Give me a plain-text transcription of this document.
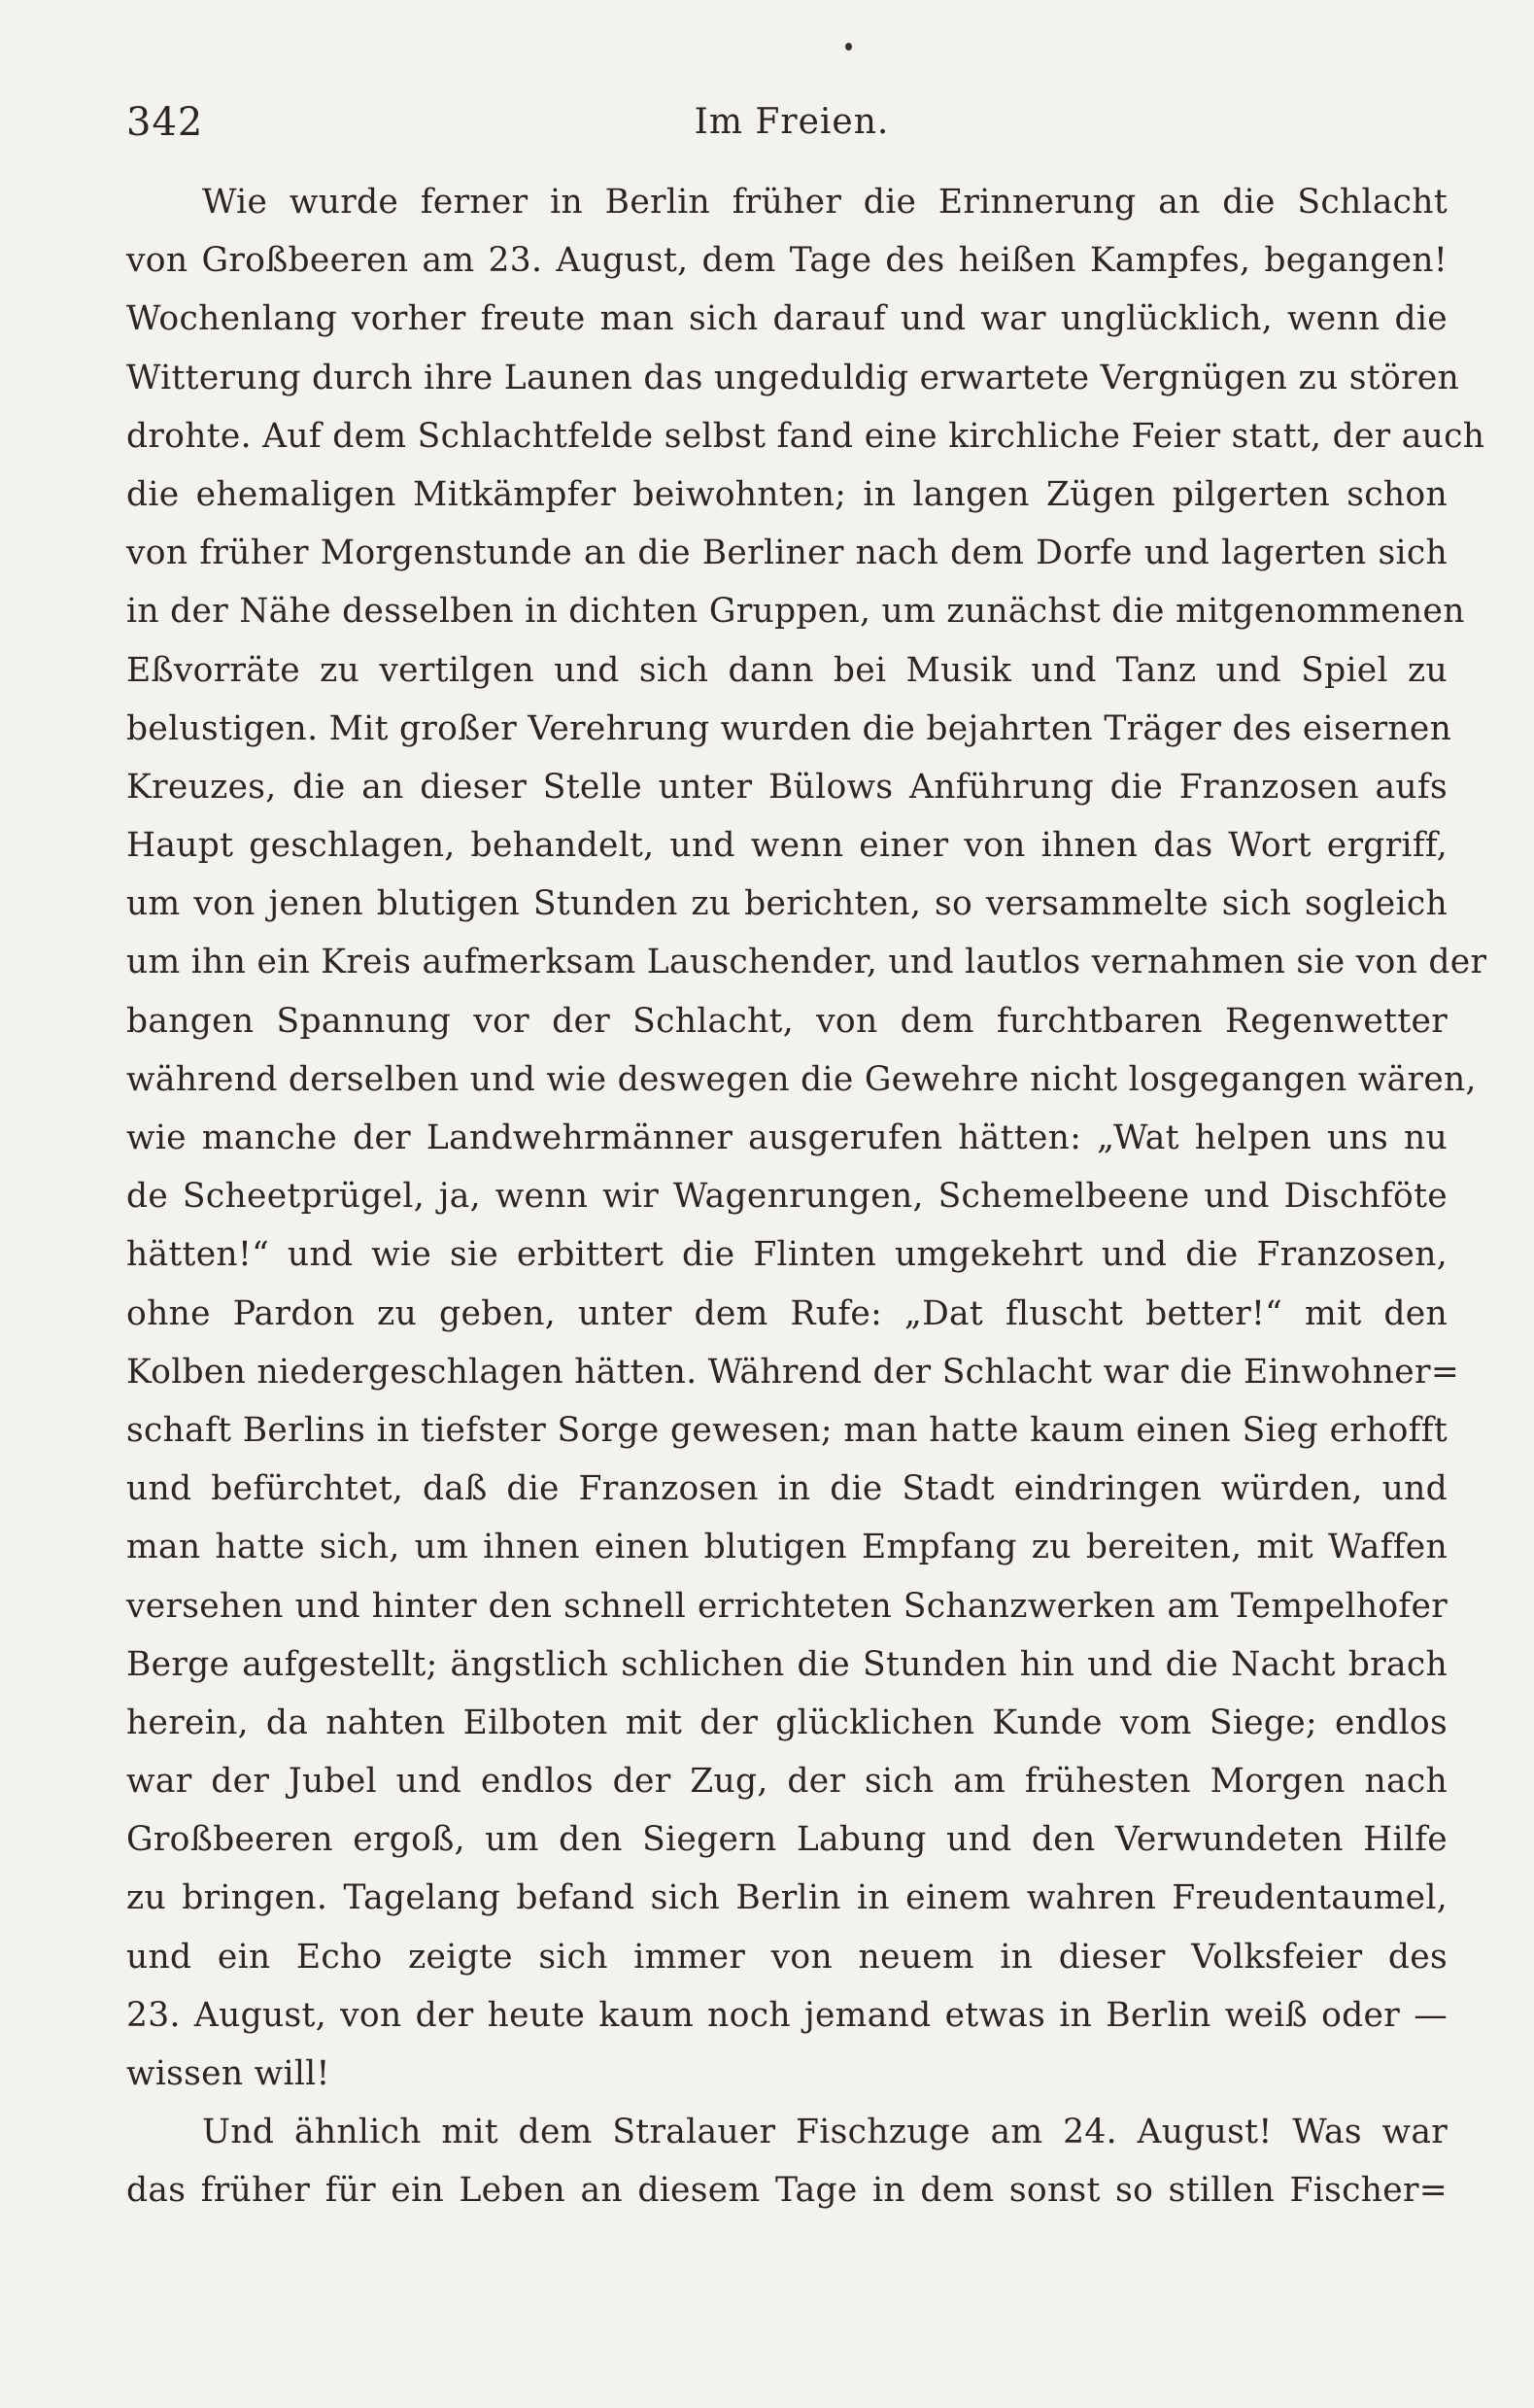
342	Im Freien.
Wie wurde ferner in Berlin früher die Erinnerung an die Schlacht
von Großbeeren am 23. August, dem Tage des heißen Kampfes, begangen!
Wochenlang vorher freute man sich darauf und war unglücklich, wenn die
Witterung durch ihre Launen das ungeduldig erwartete Vergnügen zu stören
drohte. Auf dem Schlachtfelde selbst fand eine kirchliche Feier statt, der auch
die ehemaligen Mitkämpfer beiwohnten; in langen Zügen pilgerten schon
von früher Morgenstunde an die Berliner nach dem Dorfe und lagerten sich
in der Nähe desselben in dichten Gruppen, um zunächst die mitgenommenen
Eßvorräte zu vertilgen und sich dann bei Musik und Tanz und Spiel zu
belustigen. Mit großer Verehrung wurden die bejahrten Träger des eisernen
Kreuzes, die an dieser Stelle unter Bülows Anführung die Franzosen aufs
Haupt geschlagen, behandelt, und wenn einer von ihnen das Wort ergriff,
um von jenen blutigen Stunden zu berichten, so versammelte sich sogleich
um ihn ein Kreis aufmerksam Lauschender, und lautlos vernahmen sie von der
bangen Spannung vor der Schlacht, von dem furchtbaren Regenwetter
während derselben und wie deswegen die Gewehre nicht losgegangen wären,
wie manche der Landwehrmänner ausgerufen hätten: „Wat helpen uns nu
de Scheetprügel, ja, wenn wir Wagenrungen, Schemelbeene und Dischföte
hätten!“ und wie sie erbittert die Flinten umgekehrt und die Franzosen,
ohne Pardon zu geben, unter dem Rufe: „Dat fluscht better!“ mit den
Kolben niedergeschlagen hätten. Während der Schlacht war die Einwohner=
schaft Berlins in tiefster Sorge gewesen; man hatte kaum einen Sieg erhofft
und befürchtet, daß die Franzosen in die Stadt eindringen würden, und
man hatte sich, um ihnen einen blutigen Empfang zu bereiten, mit Waffen
versehen und hinter den schnell errichteten Schanzwerken am Tempelhofer
Berge aufgestellt; ängstlich schlichen die Stunden hin und die Nacht brach
herein, da nahten Eilboten mit der glücklichen Kunde vom Siege; endlos
war der Jubel und endlos der Zug, der sich am frühesten Morgen nach
Großbeeren ergoß, um den Siegern Labung und den Verwundeten Hilfe
zu bringen. Tagelang befand sich Berlin in einem wahren Freudentaumel,
und ein Echo zeigte sich immer von neuem in dieser Volksfeier des
23. August, von der heute kaum noch jemand etwas in Berlin weiß oder —
wissen will!
Und ähnlich mit dem Stralauer Fischzuge am 24. August! Was war
das früher für ein Leben an diesem Tage in dem sonst so stillen Fischer=
